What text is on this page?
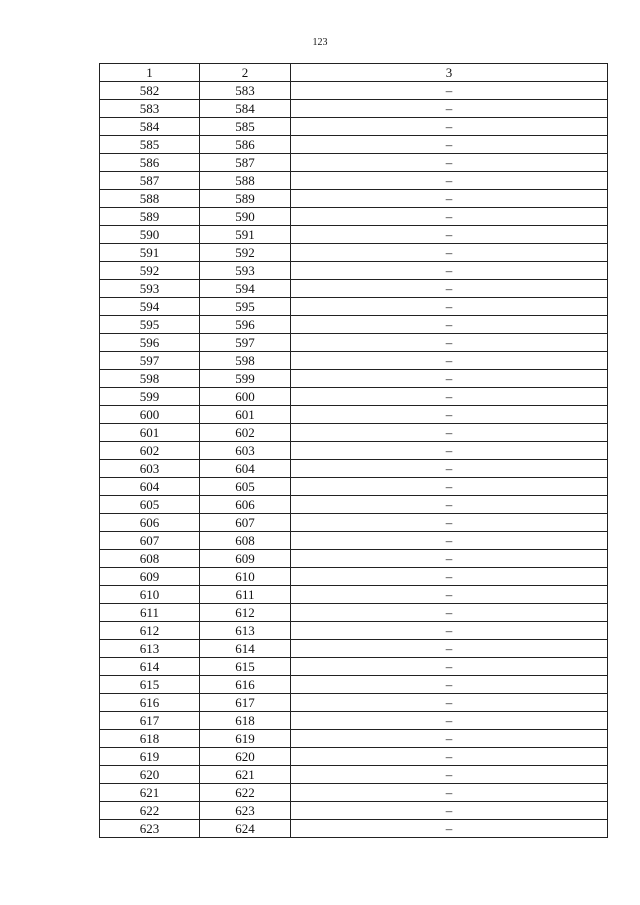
123
1	2	3
582	583	–
583	584	–
584	585	–
585	586	–
586	587	–
587	588	–
588	589	–
589	590	–
590	591	–
591	592	–
592	593	–
593	594	–
594	595	–
595	596	–
596	597	–
597	598	–
598	599	–
599	600	–
600	601	–
601	602	–
602	603	–
603	604	–
604	605	–
605	606	–
606	607	–
607	608	–
608	609	–
609	610	–
610	611	–
611	612	–
612	613	–
613	614	–
614	615	–
615	616	–
616	617	–
617	618	–
618	619	–
619	620	–
620	621	–
621	622	–
622	623	–
623	624	–
